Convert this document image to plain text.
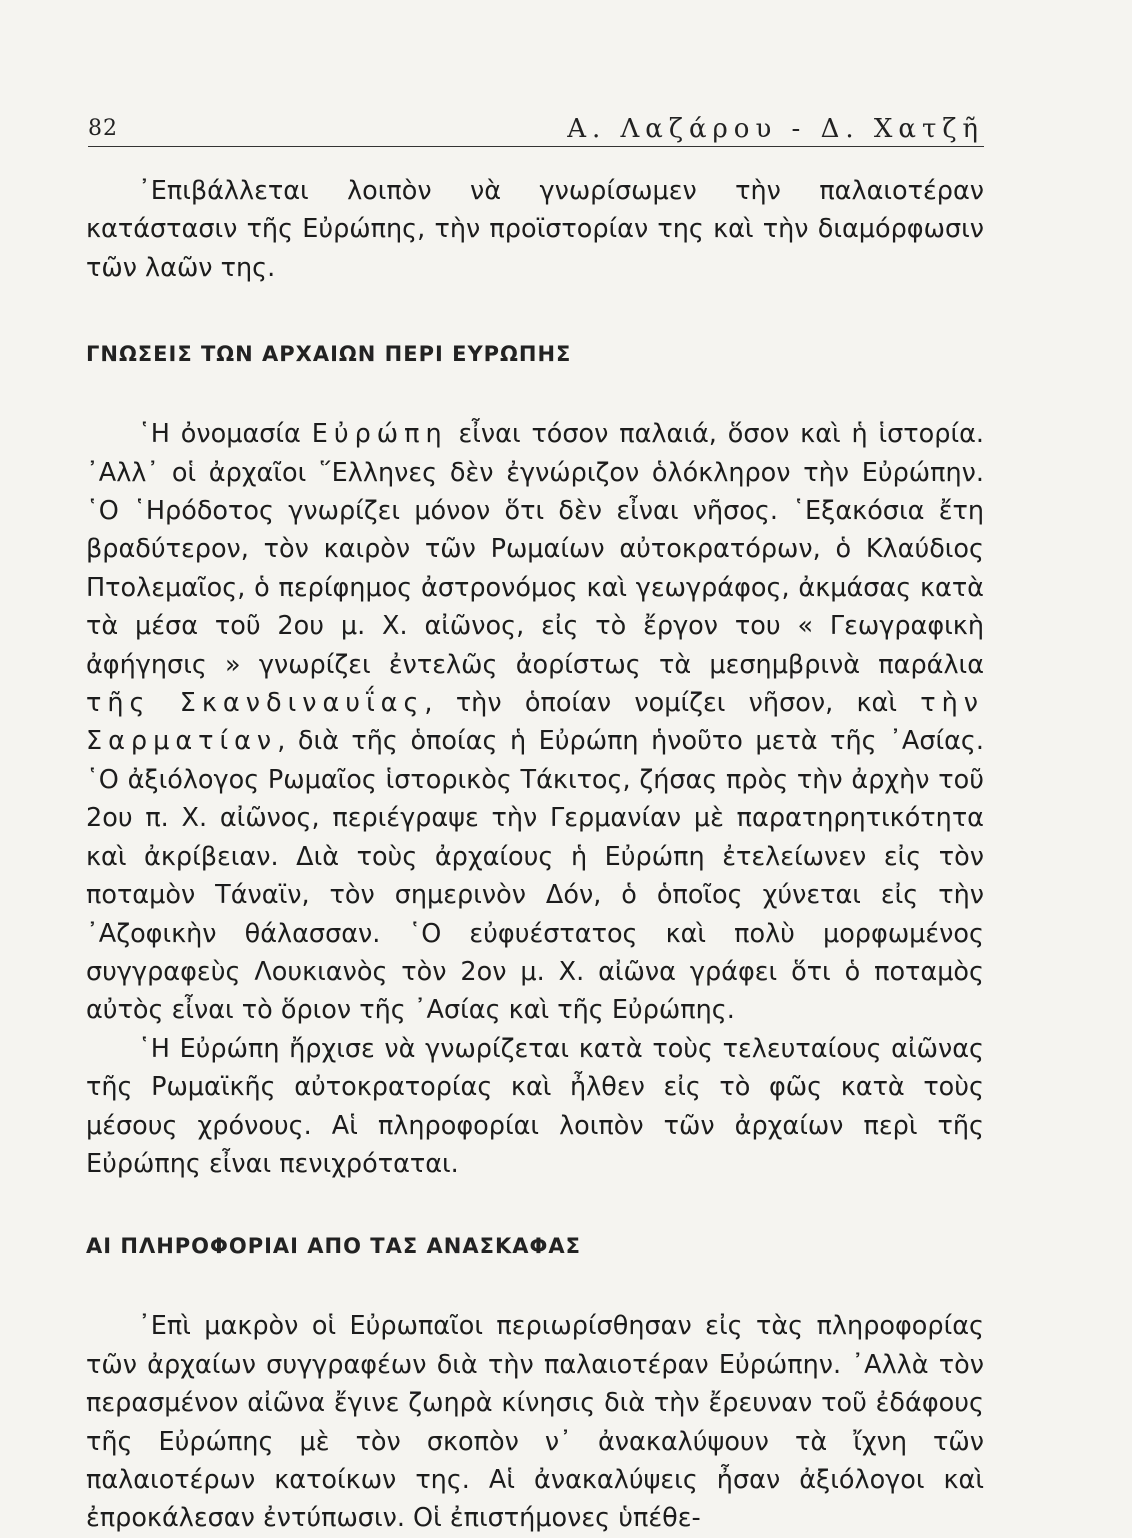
82	Α. Λαζάρου - Δ. Χατζῆ

᾿Επιβάλλεται λοιπὸν νὰ γνωρίσωμεν τὴν παλαιοτέραν κατάστασιν τῆς Εὐρώπης, τὴν προϊστορίαν της καὶ τὴν διαμόρφωσιν τῶν λαῶν της.

ΓΝΩΣΕΙΣ ΤΩΝ ΑΡΧΑΙΩΝ ΠΕΡΙ ΕΥΡΩΠΗΣ

῾Η ὀνομασία Εὐρώπη εἶναι τόσον παλαιά, ὅσον καὶ ἡ ἱστορία. ᾿Αλλ᾿ οἱ ἀρχαῖοι ῞Ελληνες δὲν ἐγνώριζον ὁλόκληρον τὴν Εὐρώπην. ῾Ο ῾Ηρόδοτος γνωρίζει μόνον ὅτι δὲν εἶναι νῆσος. ῾Εξακόσια ἔτη βραδύτερον, τὸν καιρὸν τῶν Ρωμαίων αὐτοκρατόρων, ὁ Κλαύδιος Πτολεμαῖος, ὁ περίφημος ἀστρονόμος καὶ γεωγράφος, ἀκμάσας κατὰ τὰ μέσα τοῦ 2ου μ. Χ. αἰῶνος, εἰς τὸ ἔργον του « Γεωγραφικὴ ἀφήγησις » γνωρίζει ἐντελῶς ἀορίστως τὰ μεσημβρινὰ παράλια τῆς Σκανδιναυΐας, τὴν ὁποίαν νομίζει νῆσον, καὶ τὴν Σαρματίαν, διὰ τῆς ὁποίας ἡ Εὐρώπη ἡνοῦτο μετὰ τῆς ᾿Ασίας. ῾Ο ἀξιόλογος Ρωμαῖος ἱστορικὸς Τάκιτος, ζήσας πρὸς τὴν ἀρχὴν τοῦ 2ου π. Χ. αἰῶνος, περιέγραψε τὴν Γερμανίαν μὲ παρατηρητικότητα καὶ ἀκρίβειαν. Διὰ τοὺς ἀρχαίους ἡ Εὐρώπη ἐτελείωνεν εἰς τὸν ποταμὸν Τάναϊν, τὸν σημερινὸν Δόν, ὁ ὁποῖος χύνεται εἰς τὴν ᾿Αζοφικὴν θάλασσαν. ῾Ο εὐφυέστατος καὶ πολὺ μορφωμένος συγγραφεὺς Λουκιανὸς τὸν 2ον μ. Χ. αἰῶνα γράφει ὅτι ὁ ποταμὸς αὐτὸς εἶναι τὸ ὅριον τῆς ᾿Ασίας καὶ τῆς Εὐρώπης.

῾Η Εὐρώπη ἤρχισε νὰ γνωρίζεται κατὰ τοὺς τελευταίους αἰῶνας τῆς Ρωμαϊκῆς αὐτοκρατορίας καὶ ἦλθεν εἰς τὸ φῶς κατὰ τοὺς μέσους χρόνους. Αἱ πληροφορίαι λοιπὸν τῶν ἀρχαίων περὶ τῆς Εὐρώπης εἶναι πενιχρόταται.

ΑΙ ΠΛΗΡΟΦΟΡΙΑΙ ΑΠΟ ΤΑΣ ΑΝΑΣΚΑΦΑΣ

᾿Επὶ μακρὸν οἱ Εὐρωπαῖοι περιωρίσθησαν εἰς τὰς πληροφορίας τῶν ἀρχαίων συγγραφέων διὰ τὴν παλαιοτέραν Εὐρώπην. ᾿Αλλὰ τὸν περασμένον αἰῶνα ἔγινε ζωηρὰ κίνησις διὰ τὴν ἔρευναν τοῦ ἐδάφους τῆς Εὐρώπης μὲ τὸν σκοπὸν ν᾿ ἀνακαλύψουν τὰ ἴχνη τῶν παλαιοτέρων κατοίκων της. Αἱ ἀνακαλύψεις ἦσαν ἀξιόλογοι καὶ ἐπροκάλεσαν ἐντύπωσιν. Οἱ ἐπιστήμονες ὑπέθε-
